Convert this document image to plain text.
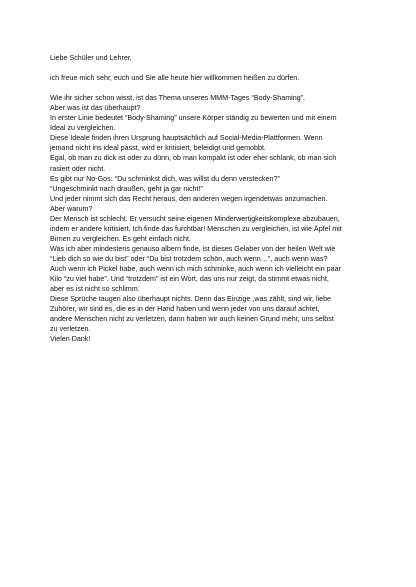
Liebe Schüler und Lehrer,
ich freue mich sehr, euch und Sie alle heute hier willkommen heißen zu dürfen.
Wie ihr sicher schon wisst, ist das Thema unseres MMM-Tages “Body-Shaming”.
Aber was ist das überhaupt?
In erster Linie bedeutet “Body-Shaming” unsere Körper ständig zu bewerten und mit einem
Ideal zu vergleichen.
Diese Ideale finden ihren Ursprung hauptsächlich auf Social-Media-Plattformen. Wenn
jemand nicht ins ideal passt, wird er kritisiert, beleidigt und gemobbt.
Egal, ob man zu dick ist oder zu dünn, ob man kompakt ist oder eher schlank, ob man sich
rasiert oder nicht.
Es gibt nur No-Gos: “Du schminkst dich, was willst du denn verstecken?”
“Ungeschminkt nach draußen, geht ja gar nicht!”
Und jeder nimmt sich das Recht heraus, den anderen wegen irgendetwas anzumachen.
Aber warum?
Der Mensch ist schlecht. Er versucht seine eigenen Minderwertigkeitskomplexe abzubauen,
indem er andere kritisiert. Ich finde das furchtbar! Menschen zu vergleichen, ist wie Äpfel mit
Birnen zu vergleichen. Es geht einfach nicht.
Was ich aber mindestens genauso albern finde, ist dieses Gelaber von der heilen Welt wie
“Lieb dich so wie du bist” oder “Du bist trotzdem schön, auch wenn…”, auch wenn was?
Auch wenn ich Pickel habe, auch wenn ich mich schminke, auch wenn ich vielleicht ein paar
Kilo “zu viel habe”. Und “trotzdem” ist ein Wort, das uns nur zeigt, da stimmt etwas nicht,
aber es ist nicht so schlimm.
Diese Sprüche taugen also überhaupt nichts. Denn das Einzige ,was zählt, sind wir, liebe
Zuhörer, wir sind es, die es in der Hand haben und wenn jeder von uns darauf achtet,
andere Menschen nicht zu verletzen, dann haben wir auch keinen Grund mehr, uns selbst
zu verletzen.
Vielen Dank!
